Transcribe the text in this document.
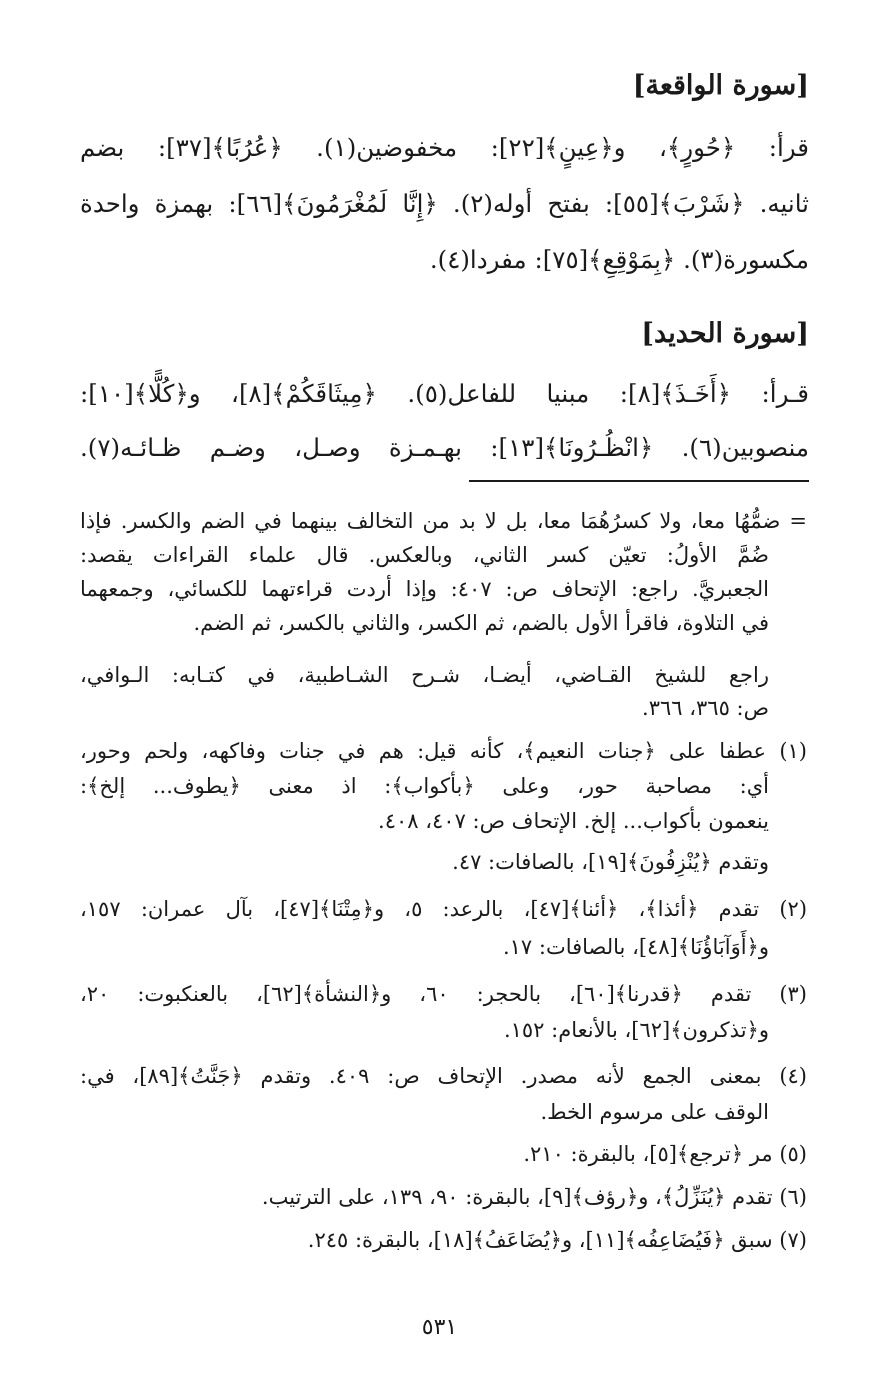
[سورة الواقعة]
قرأ: ﴿حُورٍ﴾، و﴿عِينٍ﴾[٢٢]: مخفوضين(١). ﴿عُرُبًا﴾[٣٧]: بضم
ثانيه. ﴿شَرْبَ﴾[٥٥]: بفتح أوله(٢). ﴿إِنَّا لَمُغْرَمُونَ﴾[٦٦]: بهمزة واحدة
مكسورة(٣). ﴿بِمَوْقِعِ﴾[٧٥]: مفردا(٤).
[سورة الحديد]
قـرأ: ﴿أَخَـذَ﴾[٨]: مبنيا للفاعل(٥). ﴿مِيثَاقَكُمْ﴾[٨]، و﴿كُلًّا﴾[١٠]:
منصوبين(٦). ﴿انْظُـرُونَا﴾[١٣]: بهـمـزة وصـل، وضـم ظـائـه(٧).
= ضمُّهُا معا، ولا كسرُهُمَا معا، بل لا بد من التخالف بينهما في الضم والكسر. فإذا
ضُمَّ الأولُ: تعيّن كسر الثاني، وبالعكس. قال علماء القراءات يقصد:
الجعبريَّ. راجع: الإتحاف ص: ٤٠٧: وإذا أردت قراءتهما للكسائي، وجمعهما
في التلاوة، فاقرأ الأول بالضم، ثم الكسر، والثاني بالكسر، ثم الضم.
راجع للشيخ القـاضي، أيضـا، شـرح الشـاطبية، في كتـابه: الـوافي،
ص: ٣٦٥، ٣٦٦.
(١) عطفا على ﴿جنات النعيم﴾، كأنه قيل: هم في جنات وفاكهه، ولحم وحور،
أي: مصاحبة حور، وعلى ﴿بأكواب﴾: اذ معنى ﴿يطوف... إلخ﴾:
ينعمون بأكواب... إلخ. الإتحاف ص: ٤٠٧، ٤٠٨.
وتقدم ﴿يُنْزِفُونَ﴾[١٩]، بالصافات: ٤٧.
(٢) تقدم ﴿أئذا﴾، ﴿أئنا﴾[٤٧]، بالرعد: ٥، و﴿مِتْنَا﴾[٤٧]، بآل عمران: ١٥٧،
و﴿أَوَآبَاؤُنَا﴾[٤٨]، بالصافات: ١٧.
(٣) تقدم ﴿قدرنا﴾[٦٠]، بالحجر: ٦٠، و﴿النشأة﴾[٦٢]، بالعنكبوت: ٢٠،
و﴿تذكرون﴾[٦٢]، بالأنعام: ١٥٢.
(٤) بمعنى الجمع لأنه مصدر. الإتحاف ص: ٤٠٩. وتقدم ﴿جَنَّتُ﴾[٨٩]، في:
الوقف على مرسوم الخط.
(٥) مر ﴿ترجع﴾[٥]، بالبقرة: ٢١٠.
(٦) تقدم ﴿يُنَزِّلُ﴾، و﴿رؤف﴾[٩]، بالبقرة: ٩٠، ١٣٩، على الترتيب.
(٧) سبق ﴿فَيُضَاعِفُه﴾[١١]، و﴿يُضَاعَفُ﴾[١٨]، بالبقرة: ٢٤٥.
٥٣١
